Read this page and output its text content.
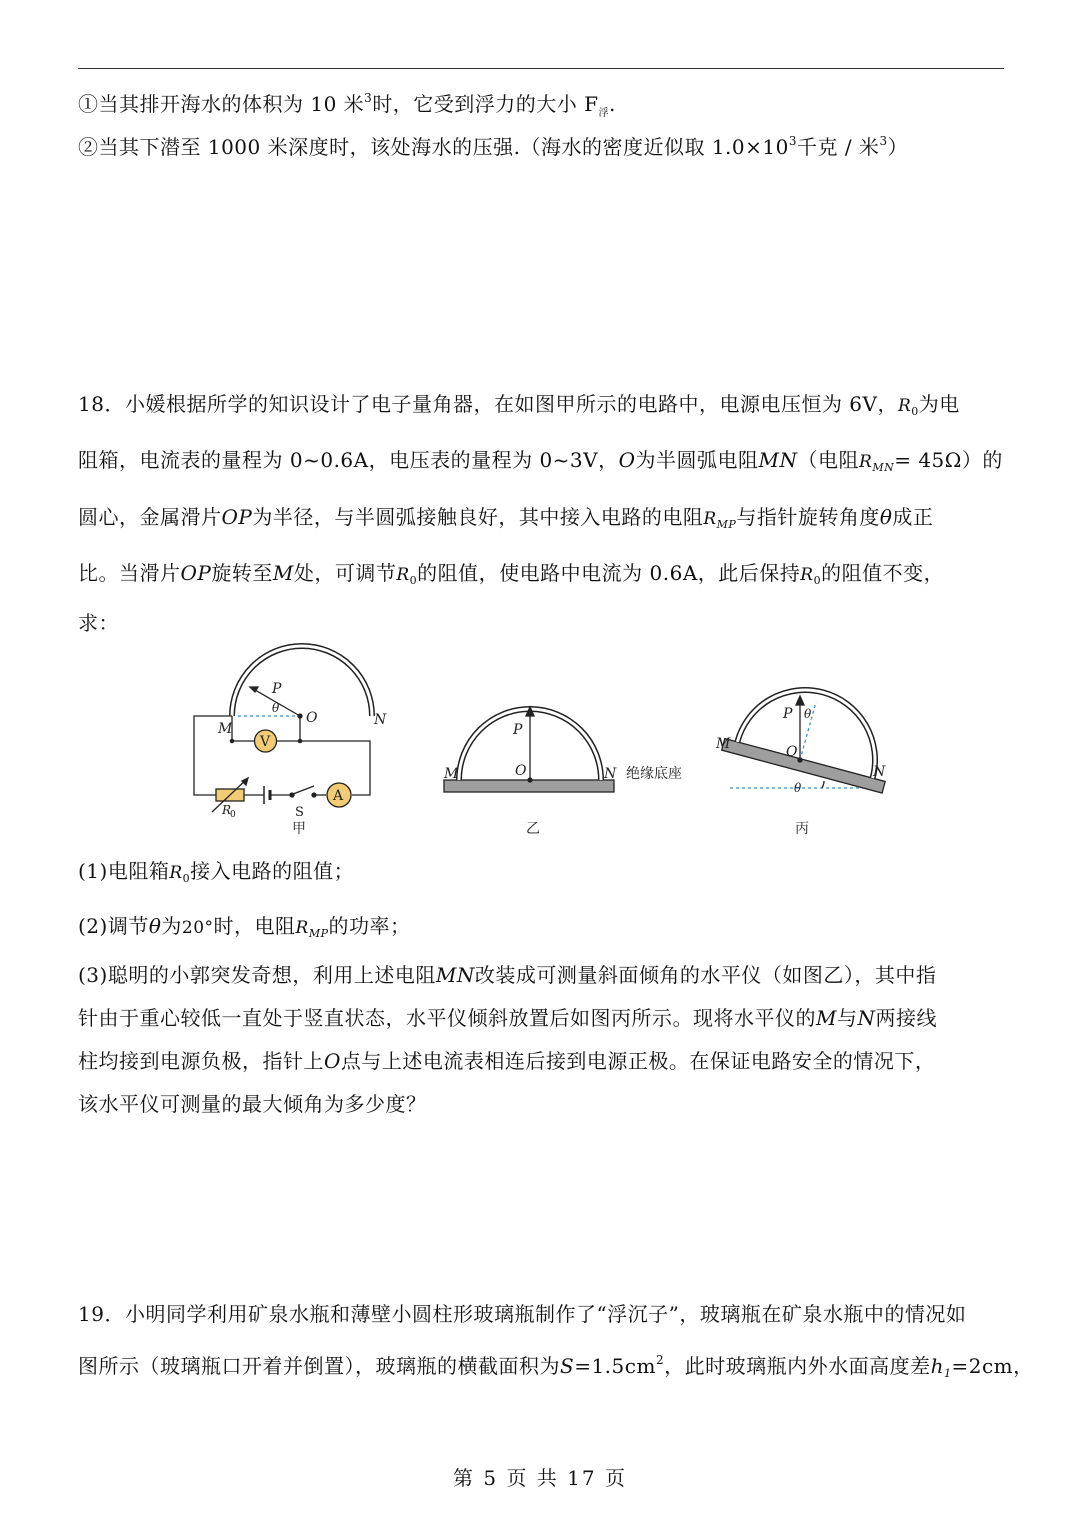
①当其排开海水的体积为 10 米$^3$时，它受到浮力的大小 $F_浮$.
②当其下潜至 1000 米深度时，该处海水的压强.（海水的密度近似取 $1.0\times 10^3$千克 / 米$^3$）
18．小媛根据所学的知识设计了电子量角器，在如图甲所示的电路中，电源电压恒为 6V，$R_0$为电
阻箱，电流表的量程为 0~0.6A，电压表的量程为 0~3V，O为半圆弧电阻MN（电阻$R_{MN}= 45\Omega$）的
圆心，金属滑片OP为半径，与半圆弧接触良好，其中接入电路的电阻$R_{MP}$与指针旋转角度θ成正
比。当滑片OP旋转至M处，可调节$R_0$的阻值，使电路中电流为 0.6A，此后保持$R_0$的阻值不变，
求：
P
θ
O
M
N
V
A
S
R
0
甲
P
O
M	N 绝缘底座
乙
P θ
O
M
N
θ
丙
(1)电阻箱$R_0$接入电路的阻值；
(2)调节θ为20°时，电阻$R_{MP}$的功率；
(3)聪明的小郭突发奇想，利用上述电阻MN改装成可测量斜面倾角的水平仪（如图乙），其中指
针由于重心较低一直处于竖直状态，水平仪倾斜放置后如图丙所示。现将水平仪的M与N两接线
柱均接到电源负极，指针上O点与上述电流表相连后接到电源正极。在保证电路安全的情况下，
该水平仪可测量的最大倾角为多少度？
19．小明同学利用矿泉水瓶和薄壁小圆柱形玻璃瓶制作了“浮沉子”，玻璃瓶在矿泉水瓶中的情况如
图所示（玻璃瓶口开着并倒置），玻璃瓶的横截面积为$S=1.5cm^2$，此时玻璃瓶内外水面高度差$h_1=2cm$，
第 5 页 共 17 页
